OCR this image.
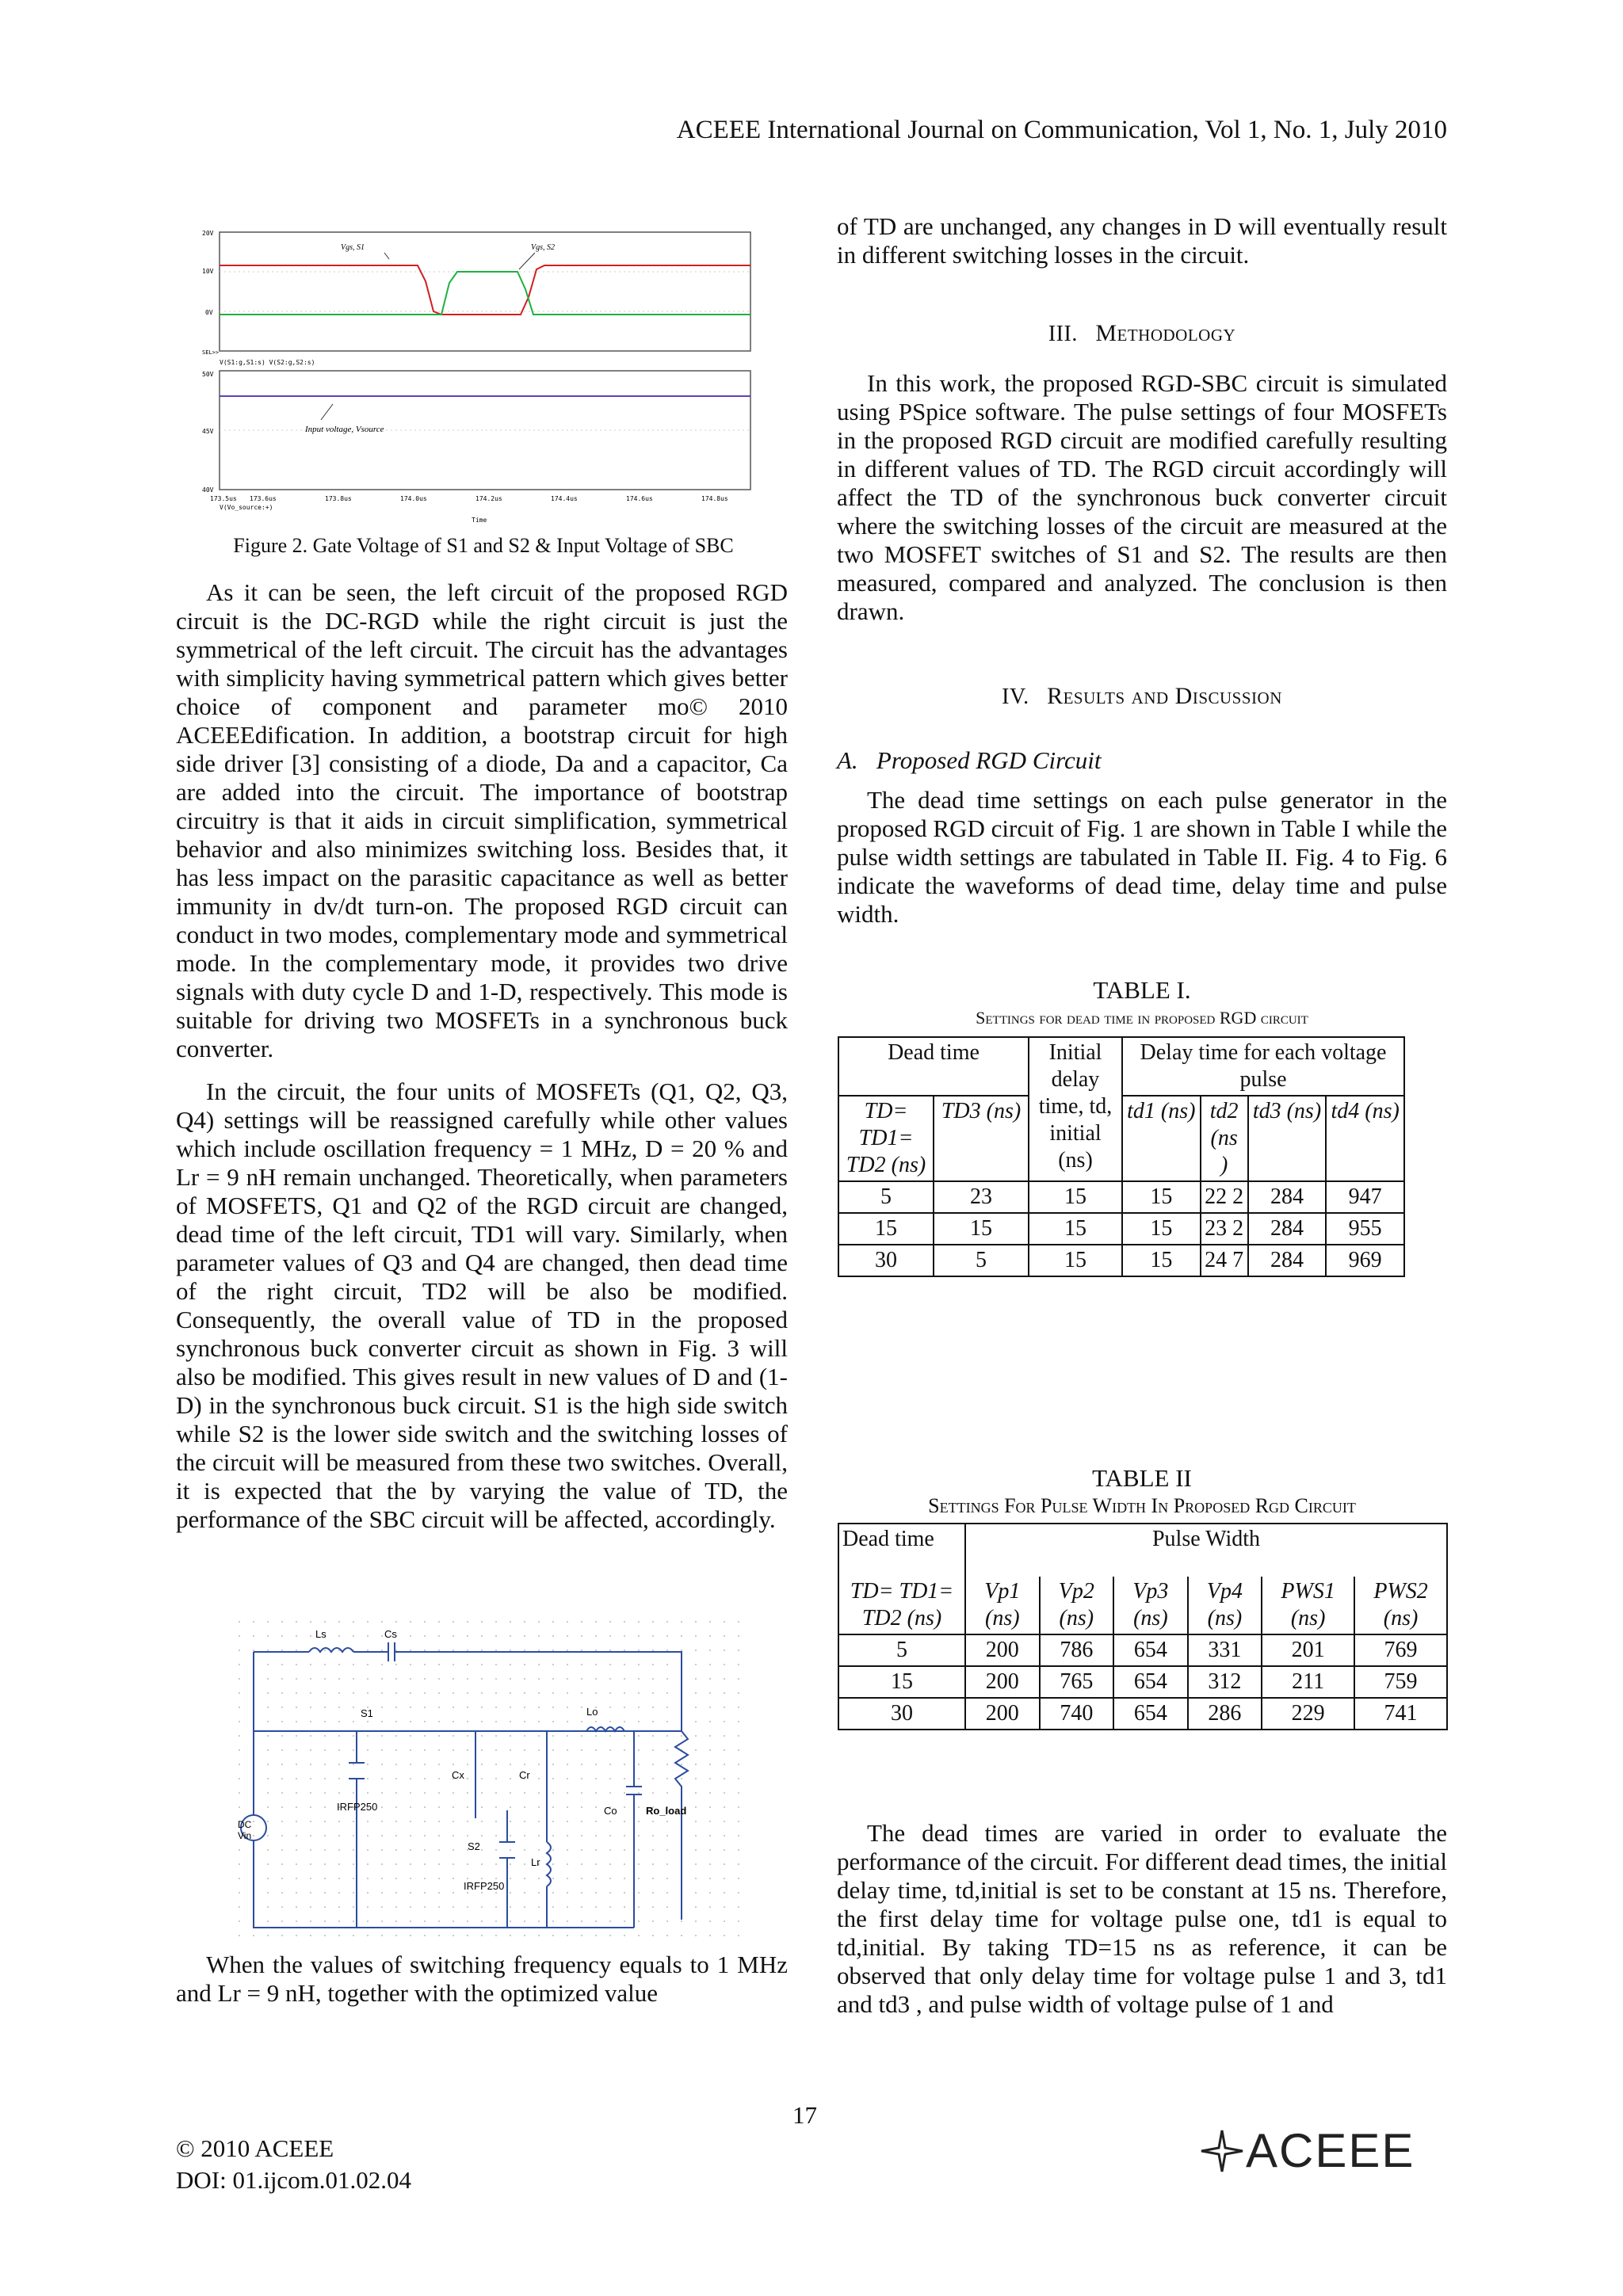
ACEEE International Journal on Communication, Vol 1, No. 1, July 2010
20V
10V
0V
Vgs, S1	Vgs, S2
SEL>>
V(S1:g,S1:s) V(S2:g,S2:s)
50V
45V
40V
Input voltage, Vsource
173.5us 173.6us	173.8us	174.0us	174.2us	174.4us	174.6us	174.8us
V(Vo_source:+)
Time
Figure 2. Gate Voltage of S1 and S2 & Input Voltage of SBC

As it can be seen, the left circuit of the proposed RGD circuit is the DC-RGD while the right circuit is just the symmetrical of the left circuit. The circuit has the advantages with simplicity having symmetrical pattern which gives better choice of component and parameter mo© 2010 ACEEEdification. In addition, a bootstrap circuit for high side driver [3] consisting of a diode, Da and a capacitor, Ca are added into the circuit. The importance of bootstrap circuitry is that it aids in circuit simplification, symmetrical behavior and also minimizes switching loss. Besides that, it has less impact on the parasitic capacitance as well as better immunity in dv/dt turn-on. The proposed RGD circuit can conduct in two modes, complementary mode and symmetrical mode. In the complementary mode, it provides two drive signals with duty cycle D and 1-D, respectively. This mode is suitable for driving two MOSFETs in a synchronous buck converter.

In the circuit, the four units of MOSFETs (Q1, Q2, Q3, Q4) settings will be reassigned carefully while other values which include oscillation frequency = 1 MHz, D = 20 % and Lr = 9 nH remain unchanged. Theoretically, when parameters of MOSFETS, Q1 and Q2 of the RGD circuit are changed, dead time of the left circuit, TD1 will vary. Similarly, when parameter values of Q3 and Q4 are changed, then dead time of the right circuit, TD2 will be also be modified. Consequently, the overall value of TD in the proposed synchronous buck converter circuit as shown in Fig. 3 will also be modified. This gives result in new values of D and (1-D) in the synchronous buck circuit. S1 is the high side switch while S2 is the lower side switch and the switching losses of the circuit will be measured from these two switches. Overall, it is expected that the by varying the value of TD, the performance of the SBC circuit will be affected, accordingly.

Ls	Cs
S1
IRFP250
Cx	Cr
Lo
Co	Ro_load
S2
IRFP250
Lr
DC
Vin

When the values of switching frequency equals to 1 MHz and Lr = 9 nH, together with the optimized value

of TD are unchanged, any changes in D will eventually result in different switching losses in the circuit.

III. Methodology

In this work, the proposed RGD-SBC circuit is simulated using PSpice software. The pulse settings of four MOSFETs in the proposed RGD circuit are modified carefully resulting in different values of TD. The RGD circuit accordingly will affect the TD of the synchronous buck converter circuit where the switching losses of the circuit are measured at the two MOSFET switches of S1 and S2. The results are then measured, compared and analyzed. The conclusion is then drawn.

IV. Results and Discussion
A.   Proposed RGD Circuit

The dead time settings on each pulse generator in the proposed RGD circuit of Fig. 1 are shown in Table I while the pulse width settings are tabulated in Table II. Fig. 4 to Fig. 6 indicate the waveforms of dead time, delay time and pulse width.

TABLE I.
Settings for dead time in proposed RGD circuit
Dead time		Initial delay time, td, initial (ns)	Delay time for each voltage pulse			
TD= TD1= TD2 (ns)	TD3 (ns)		td1 (ns)	td2 (ns )	td3 (ns)	td4 (ns)
5	23	15	15	22 2	284	947
15	15	15	15	23 2	284	955
30	5	15	15	24 7	284	969
TABLE II
Settings For Pulse Width In Proposed Rgd Circuit
Dead time	Pulse Width					
TD= TD1= TD2 (ns)	Vp1 (ns)	Vp2 (ns)	Vp3 (ns)	Vp4 (ns)	PWS1 (ns)	PWS2 (ns)
5	200	786	654	331	201	769
15	200	765	654	312	211	759
30	200	740	654	286	229	741

The dead times are varied in order to evaluate the performance of the circuit. For different dead times, the initial delay time, td,initial is set to be constant at 15 ns. Therefore, the first delay time for voltage pulse one, td1 is equal to td,initial. By taking TD=15 ns as reference, it can be observed that only delay time for voltage pulse 1 and 3, td1 and td3 , and pulse width of voltage pulse of 1 and

17
© 2010 ACEEE
DOI: 01.ijcom.01.02.04
ACEEE
